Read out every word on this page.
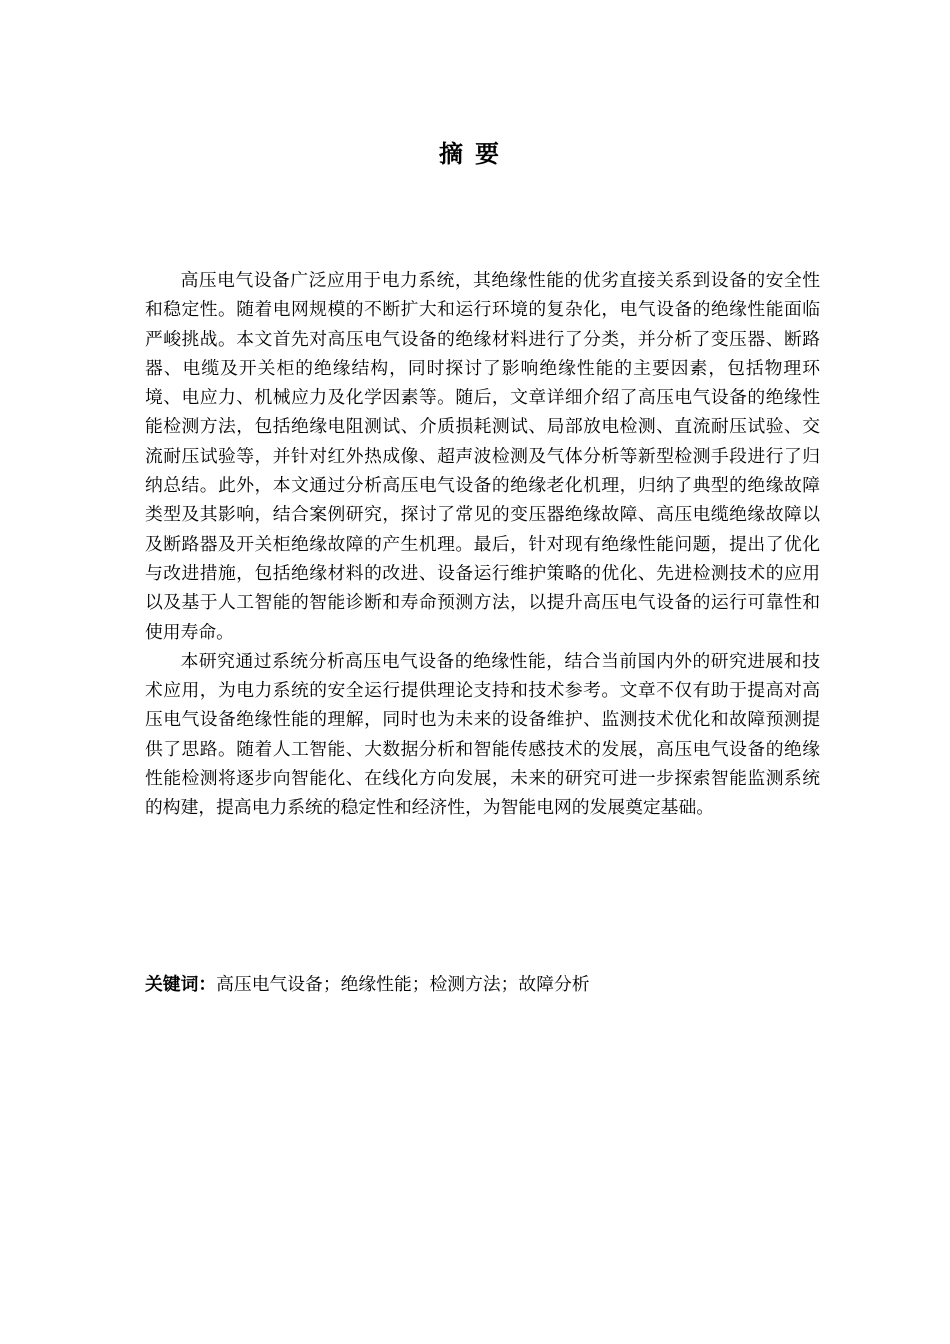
摘要

高压电气设备广泛应用于电力系统，其绝缘性能的优劣直接关系到设备的安全性和稳定性。随着电网规模的不断扩大和运行环境的复杂化，电气设备的绝缘性能面临严峻挑战。本文首先对高压电气设备的绝缘材料进行了分类，并分析了变压器、断路器、电缆及开关柜的绝缘结构，同时探讨了影响绝缘性能的主要因素，包括物理环境、电应力、机械应力及化学因素等。随后，文章详细介绍了高压电气设备的绝缘性能检测方法，包括绝缘电阻测试、介质损耗测试、局部放电检测、直流耐压试验、交流耐压试验等，并针对红外热成像、超声波检测及气体分析等新型检测手段进行了归纳总结。此外，本文通过分析高压电气设备的绝缘老化机理，归纳了典型的绝缘故障类型及其影响，结合案例研究，探讨了常见的变压器绝缘故障、高压电缆绝缘故障以及断路器及开关柜绝缘故障的产生机理。最后，针对现有绝缘性能问题，提出了优化与改进措施，包括绝缘材料的改进、设备运行维护策略的优化、先进检测技术的应用以及基于人工智能的智能诊断和寿命预测方法，以提升高压电气设备的运行可靠性和使用寿命。

本研究通过系统分析高压电气设备的绝缘性能，结合当前国内外的研究进展和技术应用，为电力系统的安全运行提供理论支持和技术参考。文章不仅有助于提高对高压电气设备绝缘性能的理解，同时也为未来的设备维护、监测技术优化和故障预测提供了思路。随着人工智能、大数据分析和智能传感技术的发展，高压电气设备的绝缘性能检测将逐步向智能化、在线化方向发展，未来的研究可进一步探索智能监测系统的构建，提高电力系统的稳定性和经济性，为智能电网的发展奠定基础。

关键词：高压电气设备；绝缘性能；检测方法；故障分析
